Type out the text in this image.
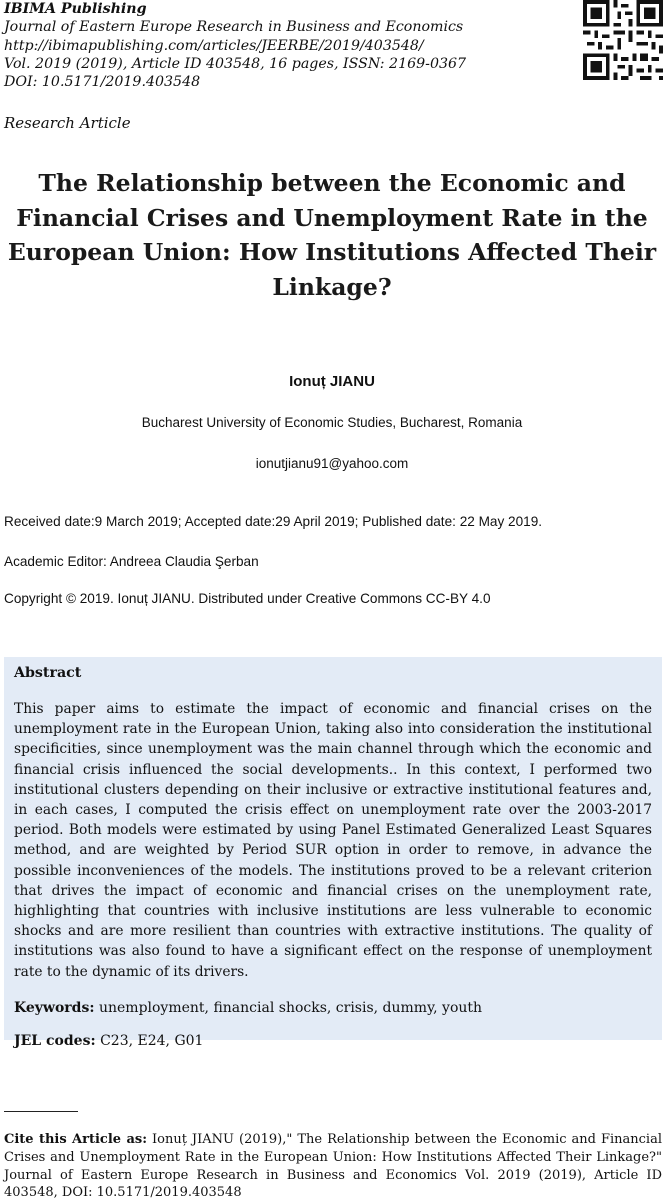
IBIMA Publishing
Journal of Eastern Europe Research in Business and Economics
http://ibimapublishing.com/articles/JEERBE/2019/403548/
Vol. 2019 (2019), Article ID 403548, 16 pages, ISSN: 2169-0367
DOI: 10.5171/2019.403548
Research Article
The Relationship between the Economic and Financial Crises and Unemployment Rate in the European Union: How Institutions Affected Their Linkage?
Ionuț JIANU
Bucharest University of Economic Studies, Bucharest, Romania
ionutjianu91@yahoo.com
Received date:9 March 2019; Accepted date:29 April 2019; Published date: 22 May 2019.
Academic Editor: Andreea Claudia Şerban
Copyright © 2019. Ionuț JIANU. Distributed under Creative Commons CC-BY 4.0
Abstract

This paper aims to estimate the impact of economic and financial crises on the unemployment rate in the European Union, taking also into consideration the institutional specificities, since unemployment was the main channel through which the economic and financial crisis influenced the social developments.. In this context, I performed two institutional clusters depending on their inclusive or extractive institutional features and, in each cases, I computed the crisis effect on unemployment rate over the 2003-2017 period. Both models were estimated by using Panel Estimated Generalized Least Squares method, and are weighted by Period SUR option in order to remove, in advance the possible inconveniences of the models. The institutions proved to be a relevant criterion that drives the impact of economic and financial crises on the unemployment rate, highlighting that countries with inclusive institutions are less vulnerable to economic shocks and are more resilient than countries with extractive institutions. The quality of institutions was also found to have a significant effect on the response of unemployment rate to the dynamic of its drivers.

Keywords: unemployment, financial shocks, crisis, dummy, youth
JEL codes: C23, E24, G01

Cite this Article as: Ionuț JIANU (2019)," The Relationship between the Economic and Financial Crises and Unemployment Rate in the European Union: How Institutions Affected Their Linkage?" Journal of Eastern Europe Research in Business and Economics Vol. 2019 (2019), Article ID 403548, DOI: 10.5171/2019.403548
